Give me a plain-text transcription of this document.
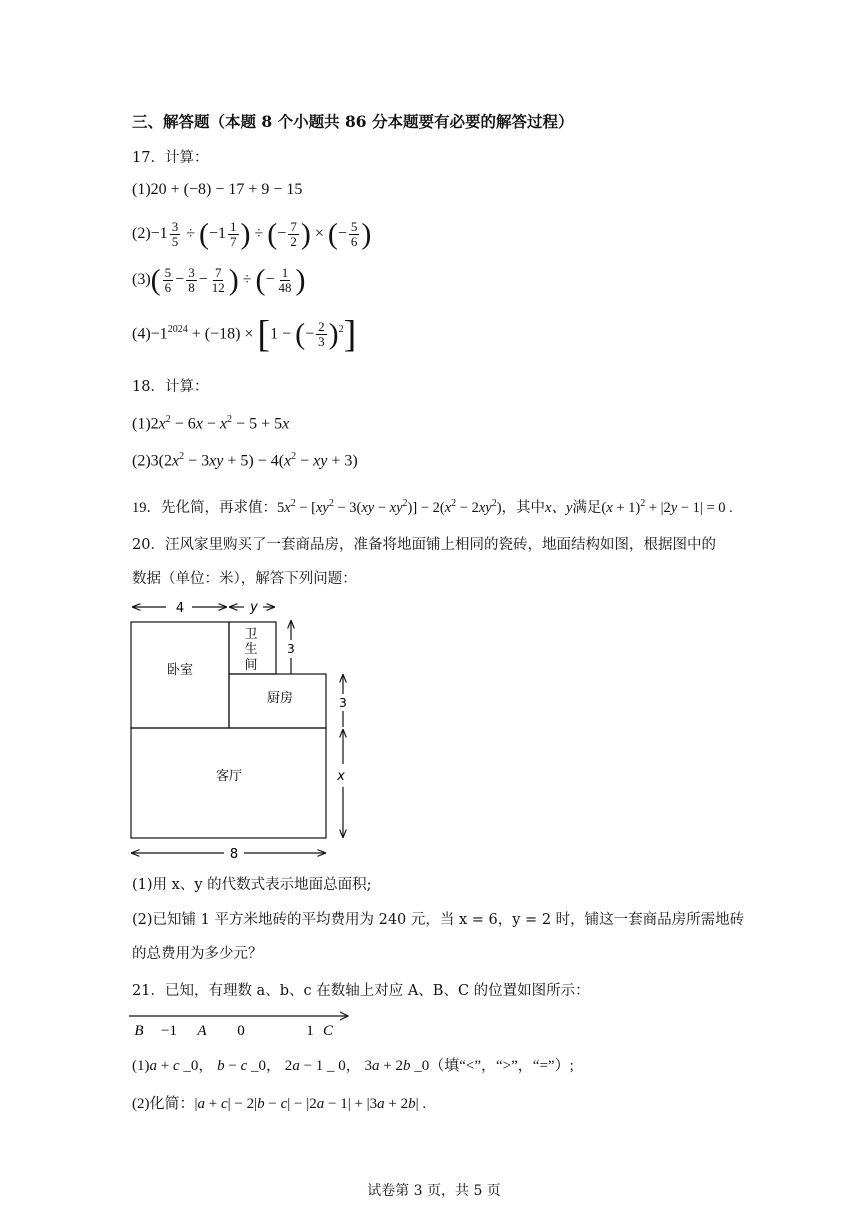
三、解答题（本题 8 个小题共 86 分本题要有必要的解答过程）
17．计算：
(1)20 + (−8) − 17 + 9 − 15
$(2)-1 \frac{3}{5} \div (-1 \frac{1}{7}$ ) ÷ (− $\frac{7}{2}$ ) × (− $\frac{5}{6}$ )
$(3)( \frac{5}{6} - \frac{3}{8} - \frac{7}{12}$ ) ÷ (− $\frac{1}{48}$ )
$(4)-1^{2024} + (-18) \times [1$ − (− $\frac{2}{3} )^2$]
18．计算：
$(1)2x^2 - 6x - x^2 - 5 + 5x$
$(2)3(2x^2 - 3xy + 5) - 4(x^2$ − xy + 3)
19．先化简，再求值：$5x^2 - [xy^2 - 3(xy - xy^2)] - 2(x^2 - 2xy^2)$，其中x、y满足$(x + 1)^2 + |2y - 1| = 0$ .
20．汪风家里购买了一套商品房，准备将地面铺上相同的瓷砖，地面结构如图，根据图中的
数据（单位：米），解答下列问题：
4	y
卧室
卫
生
间
厨房
客厅
3
3
x
8
(1)用 x、y 的代数式表示地面总面积;
(2)已知铺 1 平方米地砖的平均费用为 240 元，当 x = 6，y = 2 时，铺这一套商品房所需地砖
的总费用为多少元？
21．已知，有理数 a、b、c 在数轴上对应 A、B、C 的位置如图所示：
B −1 A 0	1 C
(1)a + c _0， b − c _0， 2a − 1 _ 0， 3a + 2b _0（填“<”，“>”，“=”）;
(2)化简：|a + c| − 2|b − c| − |2a − 1| + |3a + 2b| .
试卷第 3 页，共 5 页
